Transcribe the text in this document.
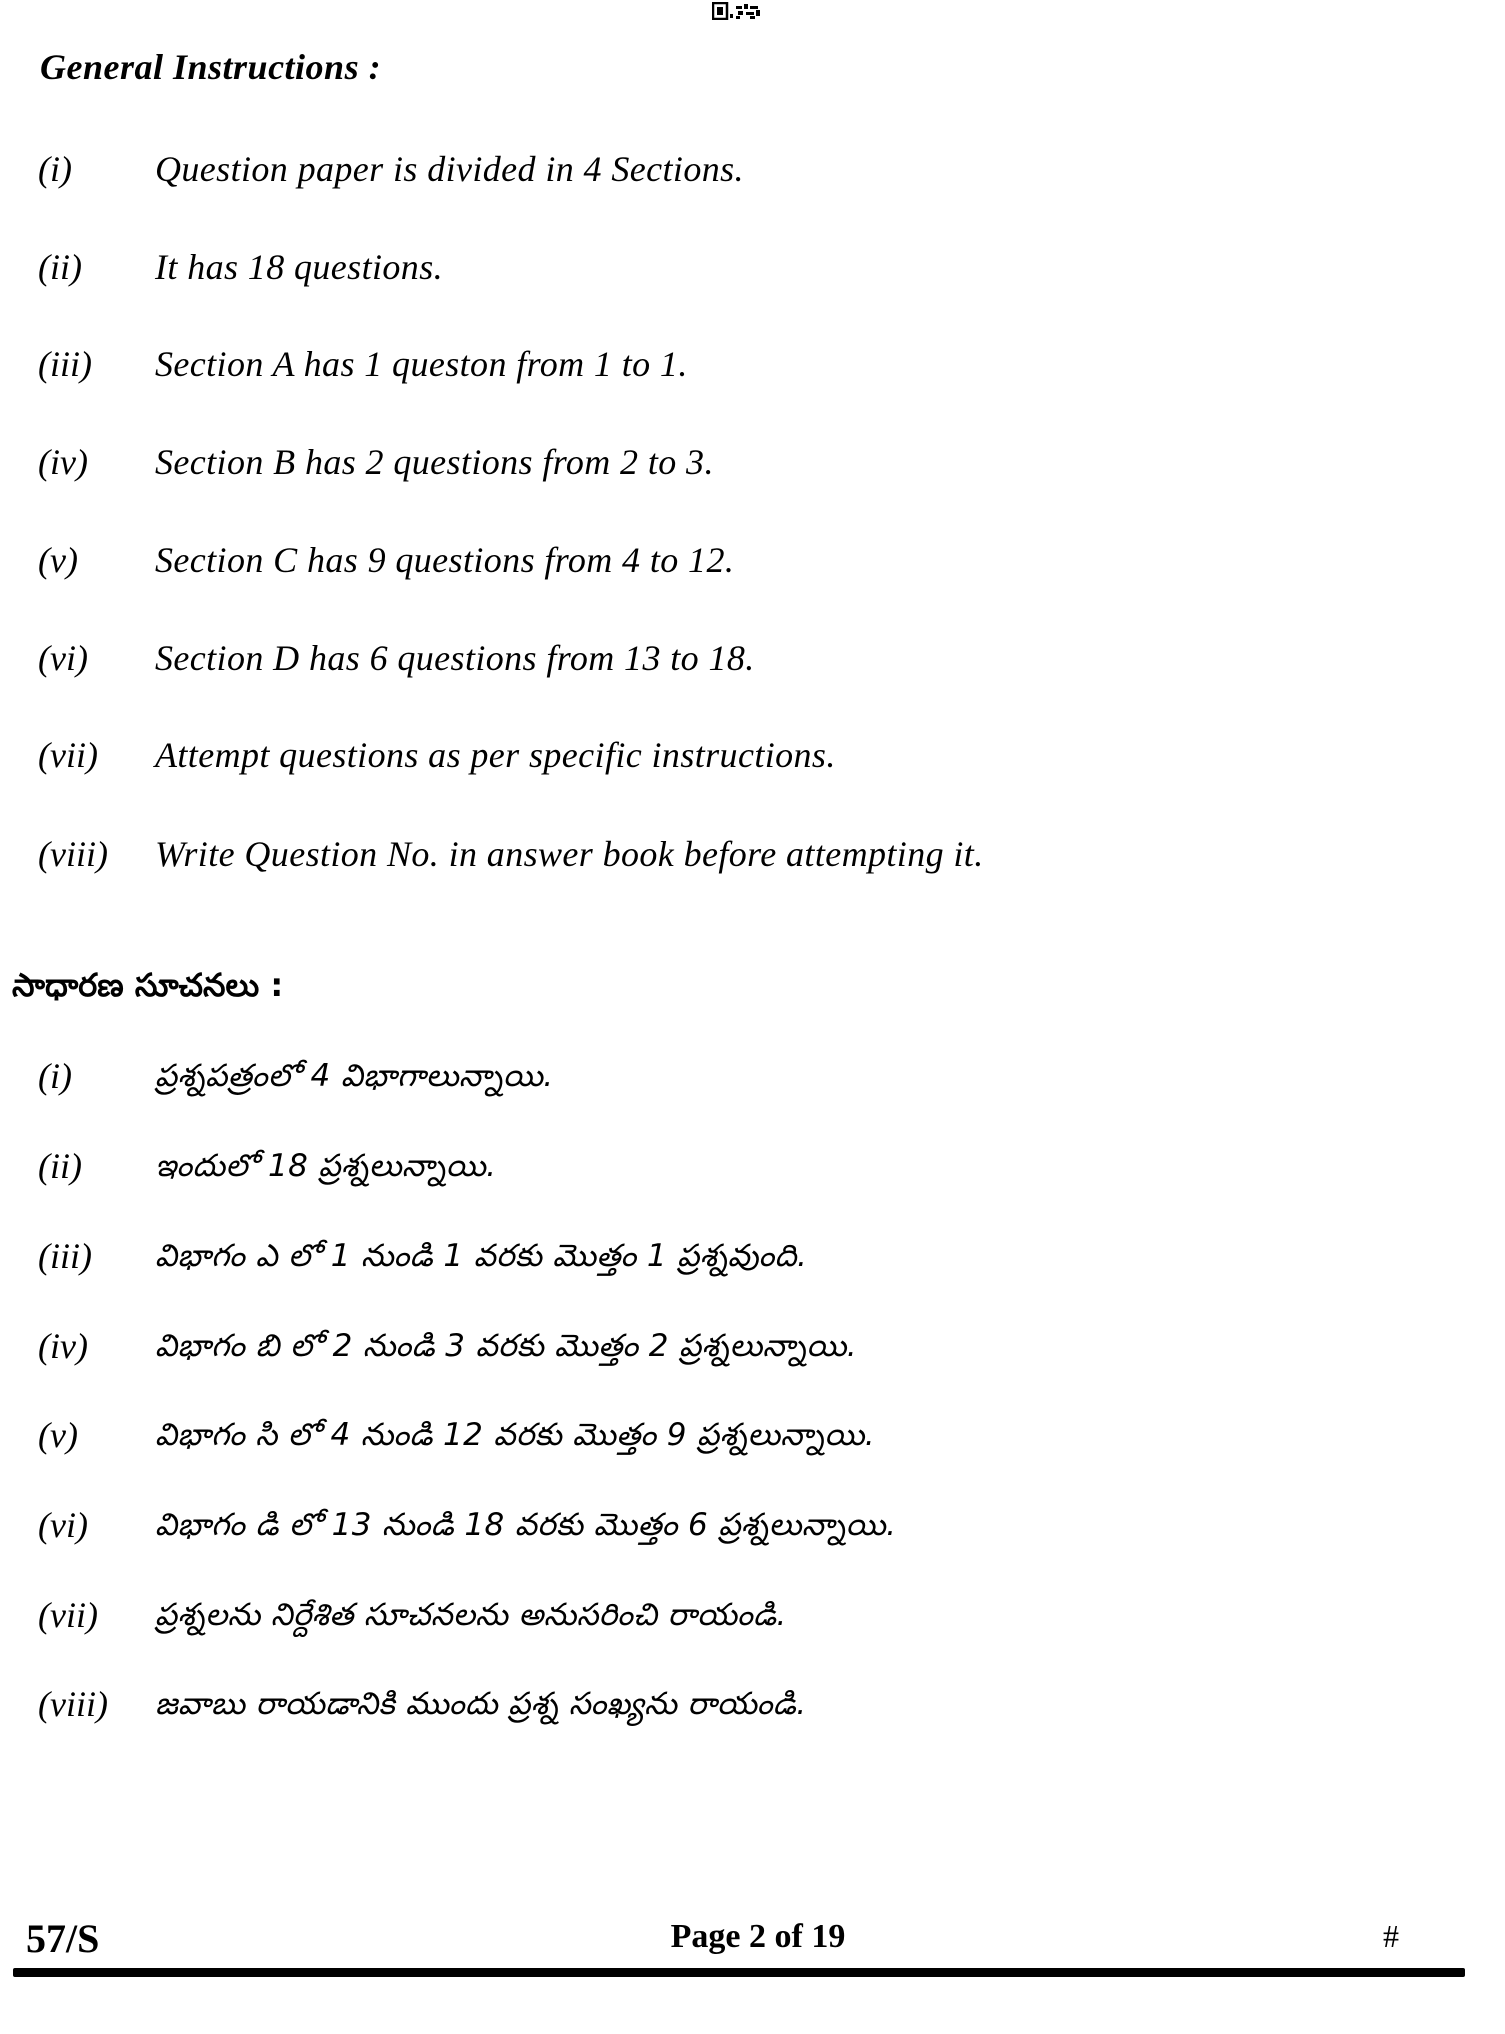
General Instructions :
(i) Question paper is divided in 4 Sections.
(ii) It has 18 questions.
(iii) Section A has 1 queston from 1 to 1.
(iv) Section B has 2 questions from 2 to 3.
(v) Section C has 9 questions from 4 to 12.
(vi) Section D has 6 questions from 13 to 18.
(vii) Attempt questions as per specific instructions.
(viii) Write Question No. in answer book before attempting it.
సాధారణ సూచనలు :
(i)	ప్రశ్నపత్రంలో 4 విభాగాలున్నాయి.
(ii) ఇందులో 18 ప్రశ్నలున్నాయి.
(iii) విభాగం ఎ లో 1 నుండి 1 వరకు మొత్తం 1 ప్రశ్నవుంది.
(iv) విభాగం బి లో 2 నుండి 3 వరకు మొత్తం 2 ప్రశ్నలున్నాయి.
(v) విభాగం సి లో 4 నుండి 12 వరకు మొత్తం 9 ప్రశ్నలున్నాయి.
(vi) విభాగం డి లో 13 నుండి 18 వరకు మొత్తం 6 ప్రశ్నలున్నాయి.
(vii) ప్రశ్నలను నిర్దేశిత సూచనలను అనుసరించి రాయండి.
(viii) జవాబు రాయడానికి ముందు ప్రశ్న సంఖ్యను రాయండి.
57/S	Page 2 of 19	#
